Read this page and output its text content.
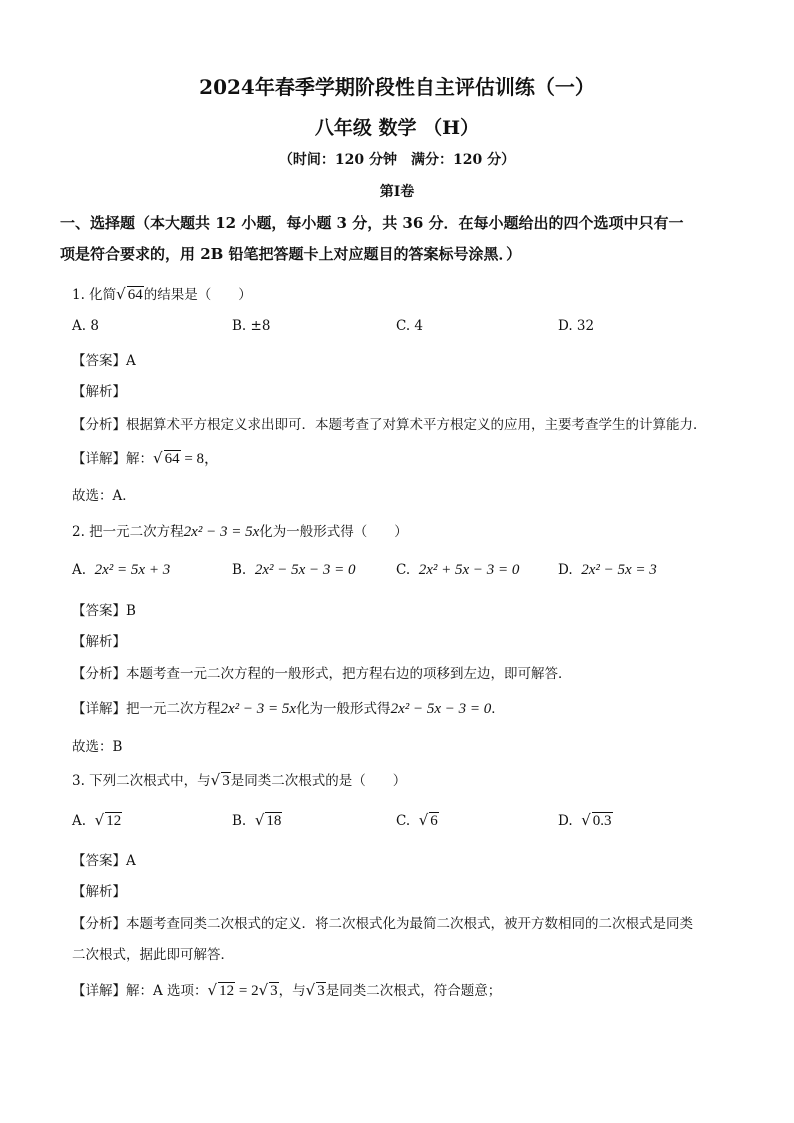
2024年春季学期阶段性自主评估训练（一）
八年级 数学 （H）
（时间：120 分钟　满分：120 分）
第Ⅰ卷
一、选择题（本大题共 12 小题，每小题 3 分，共 36 分．在每小题给出的四个选项中只有一
项是符合要求的，用 2B 铅笔把答题卡上对应题目的答案标号涂黑．）
1. 化简√ 64的结果是（　　）
A. 8	B. ±8	C. 4	D. 32
【答案】A
【解析】
【分析】根据算术平方根定义求出即可．本题考查了对算术平方根定义的应用，主要考查学生的计算能力．
【详解】解：√ 64 = 8，
故选：A．
2. 把一元二次方程2x² − 3 = 5x化为一般形式得（　　）
A. 2x² = 5x + 3	B. 2x² − 5x − 3 = 0	C. 2x² + 5x − 3 = 0	D. 2x² − 5x = 3
【答案】B
【解析】
【分析】本题考查一元二次方程的一般形式，把方程右边的项移到左边，即可解答．
【详解】把一元二次方程2x² − 3 = 5x化为一般形式得2x² − 5x − 3 = 0．
故选：B
3. 下列二次根式中，与√ 3是同类二次根式的是（　　）
A. √ 12	B. √ 18	C. √ 6	D. √ 0.3
【答案】A
【解析】
【分析】本题考查同类二次根式的定义．将二次根式化为最简二次根式，被开方数相同的二次根式是同类
二次根式，据此即可解答．
【详解】解：A 选项：√ 12 = 2√ 3，与√ 3是同类二次根式，符合题意；
